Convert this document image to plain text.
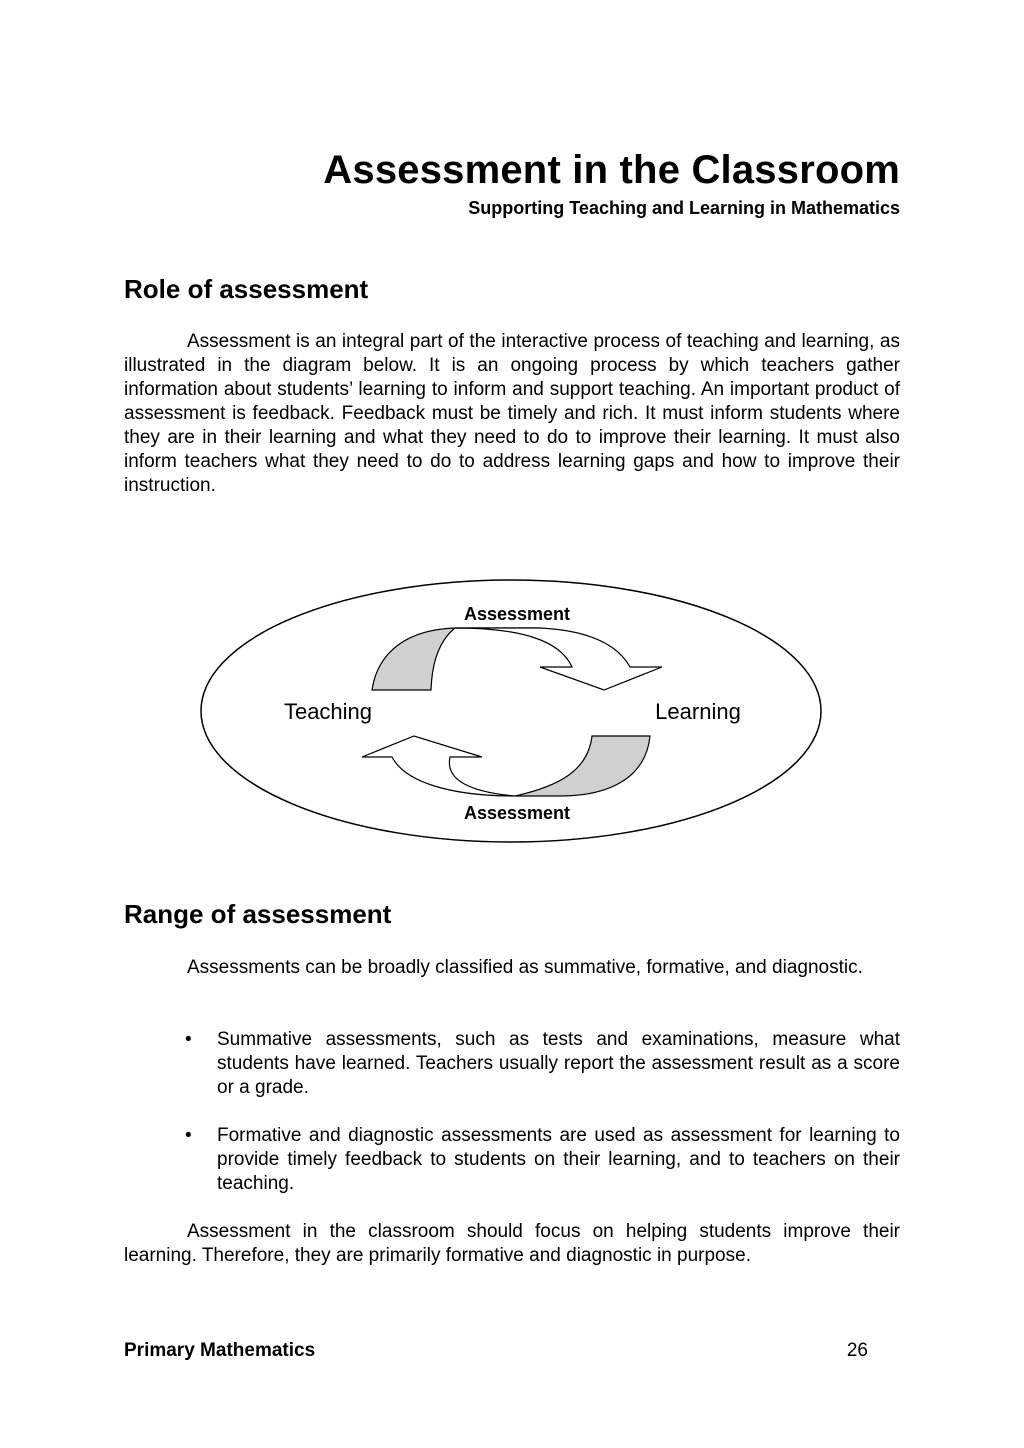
Assessment in the Classroom

Supporting Teaching and Learning in Mathematics

Role of assessment

Assessment is an integral part of the interactive process of teaching and learning, as illustrated in the diagram below. It is an ongoing process by which teachers gather information about students’ learning to inform and support teaching. An important product of assessment is feedback. Feedback must be timely and rich. It must inform students where they are in their learning and what they need to do to improve their learning. It must also inform teachers what they need to do to address learning gaps and how to improve their instruction.

Assessment
Assessment
Teaching	Learning
Range of assessment

Assessments can be broadly classified as summative, formative, and diagnostic.

• Summative assessments, such as tests and examinations, measure what students have learned. Teachers usually report the assessment result as a score or a grade.
• Formative and diagnostic assessments are used as assessment for learning to provide timely feedback to students on their learning, and to teachers on their teaching.

Assessment in the classroom should focus on helping students improve their learning. Therefore, they are primarily formative and diagnostic in purpose.

Primary Mathematics	26
